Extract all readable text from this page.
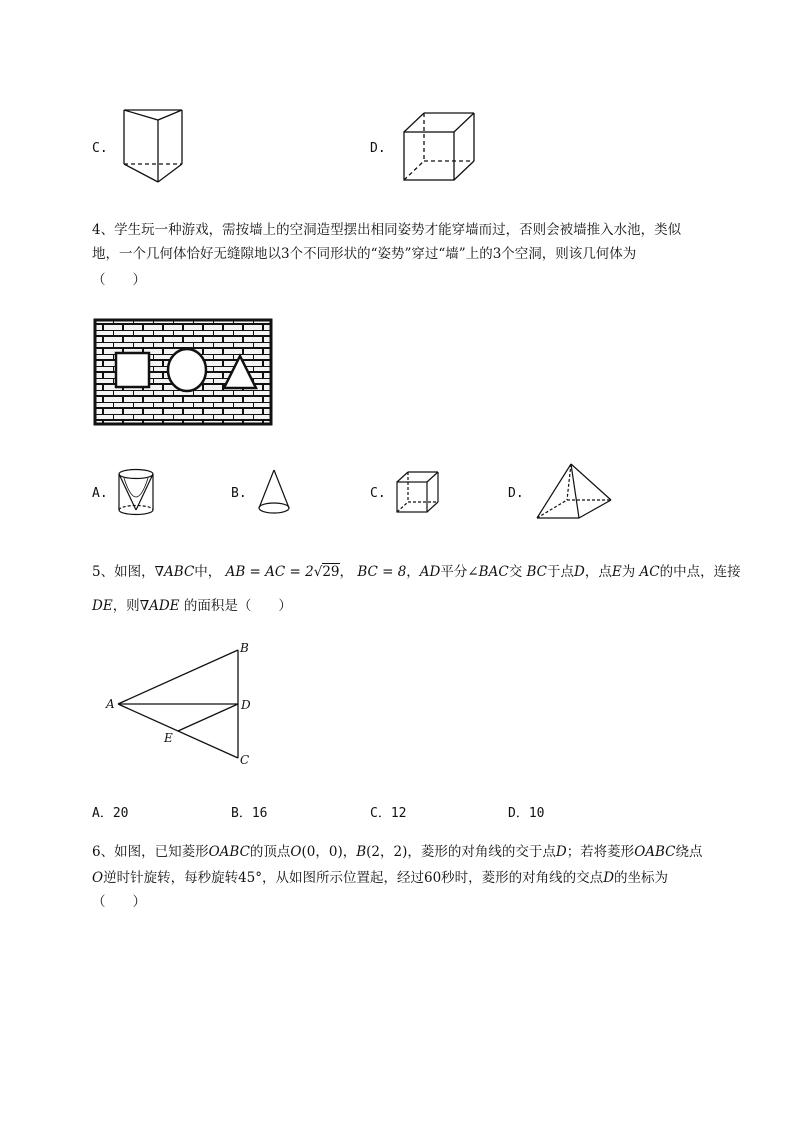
C.	D.
4、学生玩一种游戏，需按墙上的空洞造型摆出相同姿势才能穿墙而过，否则会被墙推入水池，类似
地，一个几何体恰好无缝隙地以3个不同形状的“姿势”穿过“墙”上的3个空洞，则该几何体为
（　　）
A.	B.	C.	D.
5、如图，∇ABC中， AB = AC = 2√29， BC = 8，AD平分∠BAC交 BC于点D，点E为 AC的中点，连接
DE，则∇ADE 的面积是（　　）
B
A	D
E
C
A．20	B．16	C．12	D．10
6、如图，已知菱形OABC的顶点O(0，0)，B(2，2)，菱形的对角线的交于点D；若将菱形OABC绕点
O逆时针旋转，每秒旋转45°，从如图所示位置起，经过60秒时，菱形的对角线的交点D的坐标为
（　　）
